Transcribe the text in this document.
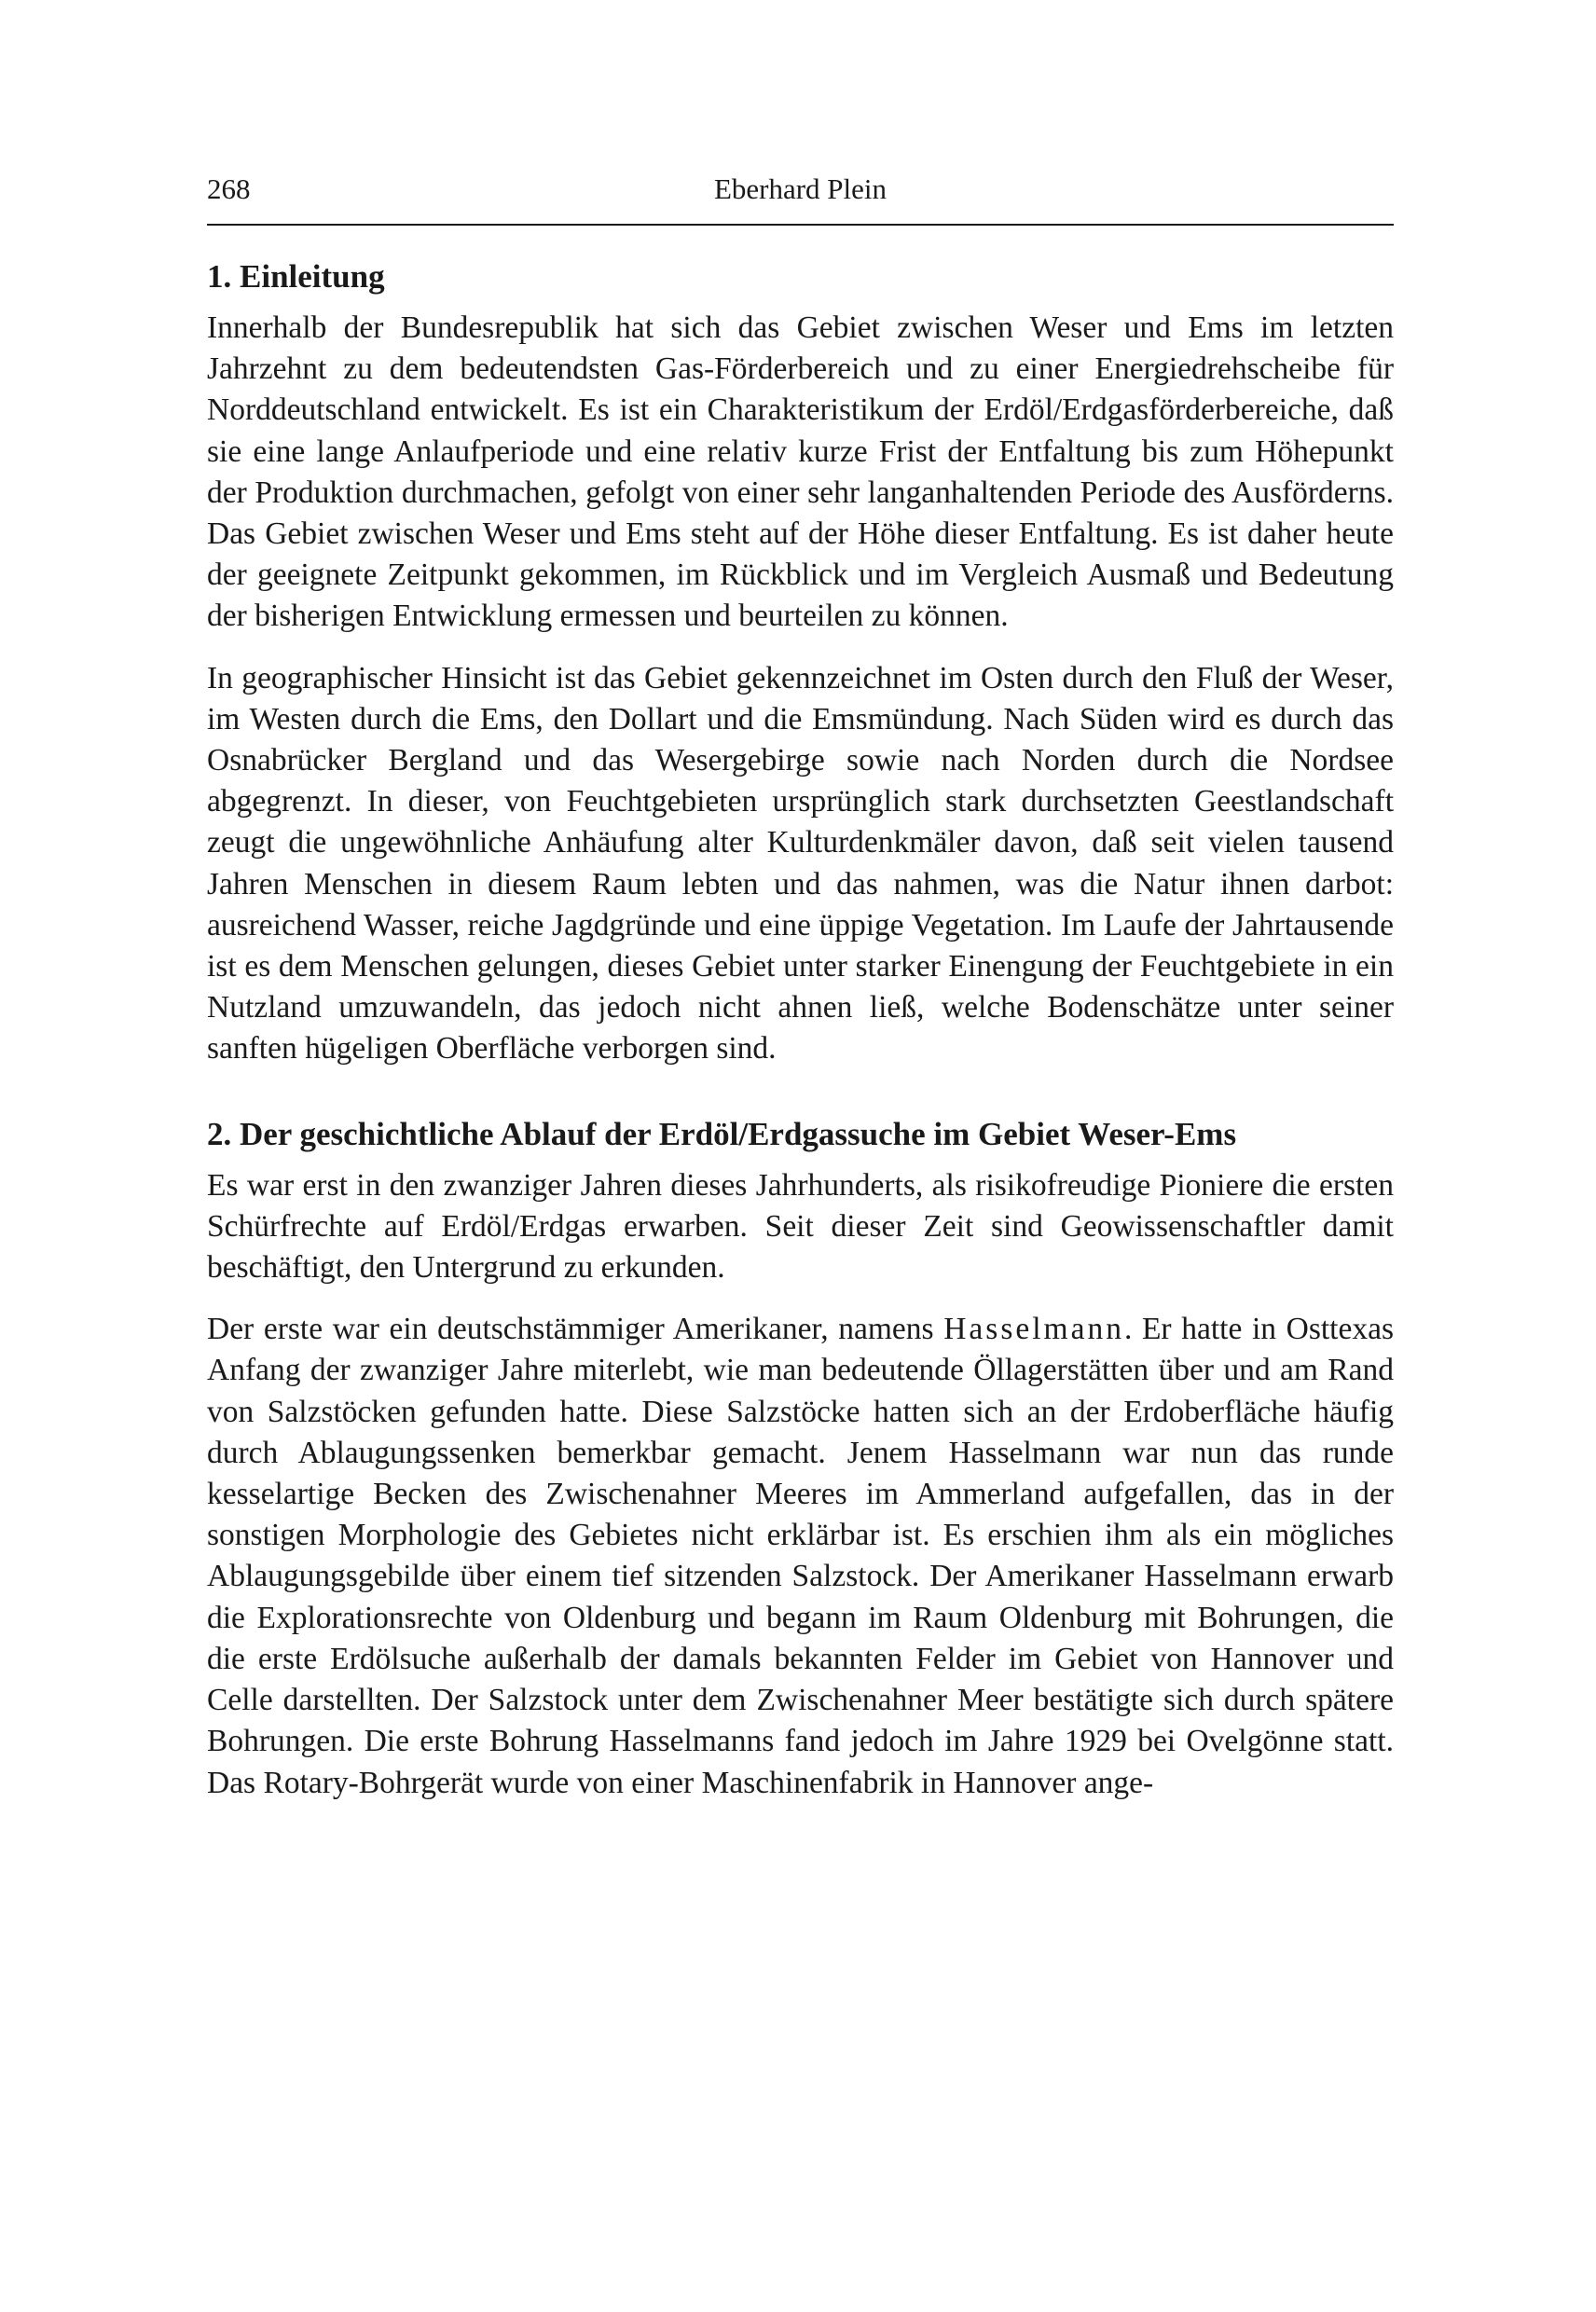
268	Eberhard Plein
1. Einleitung

Innerhalb der Bundesrepublik hat sich das Gebiet zwischen Weser und Ems im letzten Jahrzehnt zu dem bedeutendsten Gas-Förderbereich und zu einer Energiedrehscheibe für Norddeutschland entwickelt. Es ist ein Charakteristikum der Erdöl/Erdgasförderbereiche, daß sie eine lange Anlaufperiode und eine relativ kurze Frist der Entfaltung bis zum Höhepunkt der Produktion durchmachen, gefolgt von einer sehr langanhaltenden Periode des Ausförderns. Das Gebiet zwischen Weser und Ems steht auf der Höhe dieser Entfaltung. Es ist daher heute der geeignete Zeitpunkt gekommen, im Rückblick und im Vergleich Ausmaß und Bedeutung der bisherigen Entwicklung ermessen und beurteilen zu können.

In geographischer Hinsicht ist das Gebiet gekennzeichnet im Osten durch den Fluß der Weser, im Westen durch die Ems, den Dollart und die Emsmündung. Nach Süden wird es durch das Osnabrücker Bergland und das Wesergebirge sowie nach Norden durch die Nordsee abgegrenzt. In dieser, von Feuchtgebieten ursprünglich stark durchsetzten Geestlandschaft zeugt die ungewöhnliche Anhäufung alter Kulturdenkmäler davon, daß seit vielen tausend Jahren Menschen in diesem Raum lebten und das nahmen, was die Natur ihnen darbot: ausreichend Wasser, reiche Jagdgründe und eine üppige Vegetation. Im Laufe der Jahrtausende ist es dem Menschen gelungen, dieses Gebiet unter starker Einengung der Feuchtgebiete in ein Nutzland umzuwandeln, das jedoch nicht ahnen ließ, welche Bodenschätze unter seiner sanften hügeligen Oberfläche verborgen sind.

2. Der geschichtliche Ablauf der Erdöl/Erdgassuche im Gebiet Weser-Ems

Es war erst in den zwanziger Jahren dieses Jahrhunderts, als risikofreudige Pioniere die ersten Schürfrechte auf Erdöl/Erdgas erwarben. Seit dieser Zeit sind Geowissenschaftler damit beschäftigt, den Untergrund zu erkunden.

Der erste war ein deutschstämmiger Amerikaner, namens Hasselmann. Er hatte in Osttexas Anfang der zwanziger Jahre miterlebt, wie man bedeutende Öllagerstätten über und am Rand von Salzstöcken gefunden hatte. Diese Salzstöcke hatten sich an der Erdoberfläche häufig durch Ablaugungssenken bemerkbar gemacht. Jenem Hasselmann war nun das runde kesselartige Becken des Zwischenahner Meeres im Ammerland aufgefallen, das in der sonstigen Morphologie des Gebietes nicht erklärbar ist. Es erschien ihm als ein mögliches Ablaugungsgebilde über einem tief sitzenden Salzstock. Der Amerikaner Hasselmann erwarb die Explorationsrechte von Oldenburg und begann im Raum Oldenburg mit Bohrungen, die die erste Erdölsuche außerhalb der damals bekannten Felder im Gebiet von Hannover und Celle darstellten. Der Salzstock unter dem Zwischenahner Meer bestätigte sich durch spätere Bohrungen. Die erste Bohrung Hasselmanns fand jedoch im Jahre 1929 bei Ovelgönne statt. Das Rotary-Bohrgerät wurde von einer Maschinenfabrik in Hannover ange-
